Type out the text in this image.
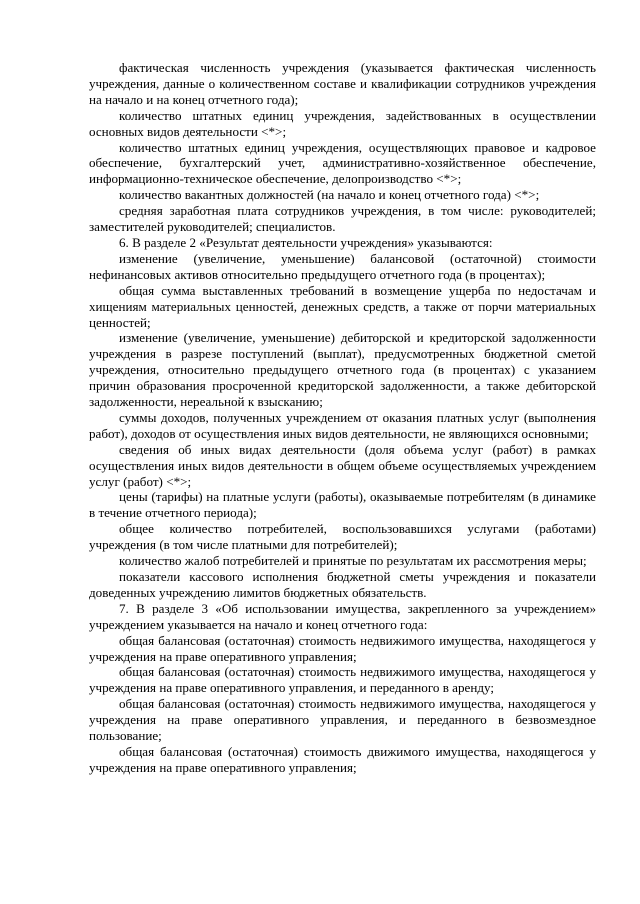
фактическая численность учреждения (указывается фактическая численность учреждения, данные о количественном составе и квалификации сотрудников учреждения на начало и на конец отчетного года);

количество штатных единиц учреждения, задействованных в осуществлении основных видов деятельности <*>;

количество штатных единиц учреждения, осуществляющих правовое и кадровое обеспечение, бухгалтерский учет, административно-хозяйственное обеспечение, информационно-техническое обеспечение, делопроизводство <*>;

количество вакантных должностей (на начало и конец отчетного года) <*>;

средняя заработная плата сотрудников учреждения, в том числе: руководителей; заместителей руководителей; специалистов.

6. В разделе 2 «Результат деятельности учреждения» указываются:

изменение (увеличение, уменьшение) балансовой (остаточной) стоимости нефинансовых активов относительно предыдущего отчетного года (в процентах);

общая сумма выставленных требований в возмещение ущерба по недостачам и хищениям материальных ценностей, денежных средств, а также от порчи материальных ценностей;

изменение (увеличение, уменьшение) дебиторской и кредиторской задолженности учреждения в разрезе поступлений (выплат), предусмотренных бюджетной сметой учреждения, относительно предыдущего отчетного года (в процентах) с указанием причин образования просроченной кредиторской задолженности, а также дебиторской задолженности, нереальной к взысканию;

суммы доходов, полученных учреждением от оказания платных услуг (выполнения работ), доходов от осуществления иных видов деятельности, не являющихся основными;

сведения об иных видах деятельности (доля объема услуг (работ) в рамках осуществления иных видов деятельности в общем объеме осуществляемых учреждением услуг (работ) <*>;

цены (тарифы) на платные услуги (работы), оказываемые потребителям (в динамике в течение отчетного периода);

общее количество потребителей, воспользовавшихся услугами (работами) учреждения (в том числе платными для потребителей);

количество жалоб потребителей и принятые по результатам их рассмотрения меры;

показатели кассового исполнения бюджетной сметы учреждения и показатели доведенных учреждению лимитов бюджетных обязательств.

7. В разделе 3 «Об использовании имущества, закрепленного за учреждением» учреждением указывается на начало и конец отчетного года:

общая балансовая (остаточная) стоимость недвижимого имущества, находящегося у учреждения на праве оперативного управления;

общая балансовая (остаточная) стоимость недвижимого имущества, находящегося у учреждения на праве оперативного управления, и переданного в аренду;

общая балансовая (остаточная) стоимость недвижимого имущества, находящегося у учреждения на праве оперативного управления, и переданного в безвозмездное пользование;

общая балансовая (остаточная) стоимость движимого имущества, находящегося у учреждения на праве оперативного управления;
